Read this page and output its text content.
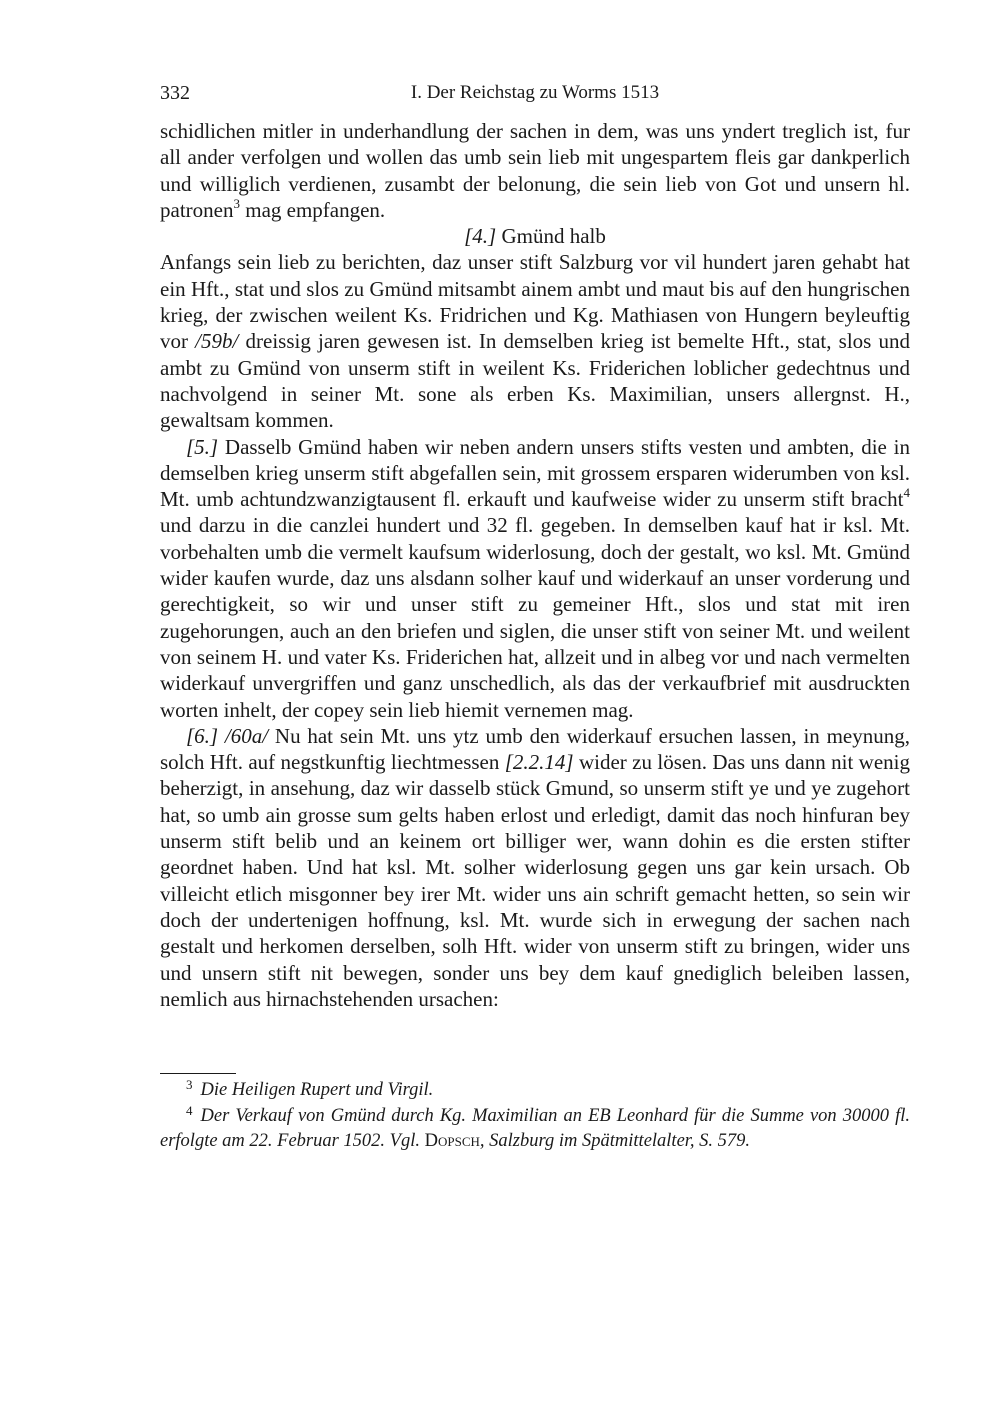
332	I. Der Reichstag zu Worms 1513

schidlichen mitler in underhandlung der sachen in dem, was uns yndert treglich ist, fur all ander verfolgen und wollen das umb sein lieb mit ungespartem fleis gar dankperlich und williglich verdienen, zusambt der belonung, die sein lieb von Got und unsern hl. patronen$^3$ mag empfangen.

[4.] Gmünd halb

Anfangs sein lieb zu berichten, daz unser stift Salzburg vor vil hundert jaren gehabt hat ein Hft., stat und slos zu Gmünd mitsambt ainem ambt und maut bis auf den hungrischen krieg, der zwischen weilent Ks. Fridrichen und Kg. Mathiasen von Hungern beyleuftig vor /59b/ dreissig jaren gewesen ist. In demselben krieg ist bemelte Hft., stat, slos und ambt zu Gmünd von unserm stift in weilent Ks. Friderichen loblicher gedechtnus und nachvolgend in seiner Mt. sone als erben Ks. Maximilian, unsers allergnst. H., gewaltsam kommen.

[5.] Dasselb Gmünd haben wir neben andern unsers stifts vesten und ambten, die in demselben krieg unserm stift abgefallen sein, mit grossem ersparen widerumben von ksl. Mt. umb achtundzwanzigtausent fl. erkauft und kaufweise wider zu unserm stift bracht$^4$ und darzu in die canzlei hundert und 32 fl. gegeben. In demselben kauf hat ir ksl. Mt. vorbehalten umb die vermelt kaufsum widerlosung, doch der gestalt, wo ksl. Mt. Gmünd wider kaufen wurde, daz uns alsdann solher kauf und widerkauf an unser vorderung und gerechtigkeit, so wir und unser stift zu gemeiner Hft., slos und stat mit iren zugehorungen, auch an den briefen und siglen, die unser stift von seiner Mt. und weilent von seinem H. und vater Ks. Friderichen hat, allzeit und in albeg vor und nach vermelten widerkauf unvergriffen und ganz unschedlich, als das der verkaufbrief mit ausdruckten worten inhelt, der copey sein lieb hiemit vernemen mag.

[6.] /60a/ Nu hat sein Mt. uns ytz umb den widerkauf ersuchen lassen, in meynung, solch Hft. auf negstkunftig liechtmessen [2.2.14] wider zu lösen. Das uns dann nit wenig beherzigt, in ansehung, daz wir dasselb stück Gmund, so unserm stift ye und ye zugehort hat, so umb ain grosse sum gelts haben erlost und erledigt, damit das noch hinfuran bey unserm stift belib und an keinem ort billiger wer, wann dohin es die ersten stifter geordnet haben. Und hat ksl. Mt. solher widerlosung gegen uns gar kein ursach. Ob villeicht etlich misgonner bey irer Mt. wider uns ain schrift gemacht hetten, so sein wir doch der undertenigen hoffnung, ksl. Mt. wurde sich in erwegung der sachen nach gestalt und herkomen derselben, solh Hft. wider von unserm stift zu bringen, wider uns und unsern stift nit bewegen, sonder uns bey dem kauf gnediglich beleiben lassen, nemlich aus hirnachstehenden ursachen:

$^3$ Die Heiligen Rupert und Virgil.

$^4$ Der Verkauf von Gmünd durch Kg. Maximilian an EB Leonhard für die Summe von 30000 fl. erfolgte am 22. Februar 1502. Vgl. Dopsch, Salzburg im Spätmittelalter, S. 579.
